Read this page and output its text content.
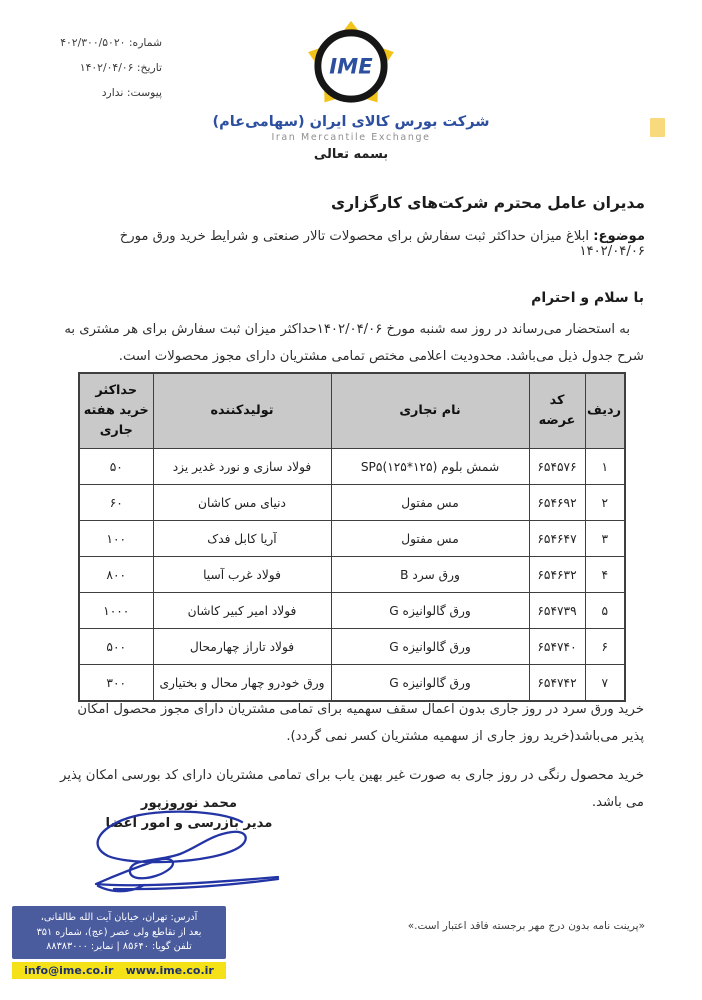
شماره: ۴۰۲/۳۰۰/۵۰۲۰
تاریخ: ۱۴۰۲/۰۴/۰۶
پیوست: ندارد
IME
شرکت بورس کالای ایران (سهامی‌عام)
Iran Mercantile Exchange
بسمه تعالی
مدیران عامل محترم شرکت‌های کارگزاری
موضوع: ابلاغ میزان حداکثر ثبت سفارش برای محصولات تالار صنعتی و شرایط خرید ورق مورخ ۱۴۰۲/۰۴/۰۶
با سلام و احترام
به استحضار می‌رساند در روز سه شنبه مورخ ۱۴۰۲/۰۴/۰۶حداکثر میزان ثبت سفارش برای هر مشتری به شرح جدول ذیل می‌باشد. محدودیت اعلامی مختص تمامی مشتریان دارای مجوز محصولات است.
ردیف	کد عرضه	نام تجاری	تولیدکننده	حداکثر خرید هفته جاری
۱	۶۵۴۵۷۶	شمش بلوم (۱۲۵*۱۲۵)SP۵	فولاد سازی و نورد غدیر یزد	۵۰
۲	۶۵۴۶۹۲	مس مفتول	دنیای مس کاشان	۶۰
۳	۶۵۴۶۴۷	مس مفتول	آریا کابل فدک	۱۰۰
۴	۶۵۴۶۳۲	ورق سرد B	فولاد غرب آسیا	۸۰۰
۵	۶۵۴۷۳۹	ورق گالوانیزه G	فولاد امیر کبیر کاشان	۱۰۰۰
۶	۶۵۴۷۴۰	ورق گالوانیزه G	فولاد تاراز چهارمحال	۵۰۰
۷	۶۵۴۷۴۲	ورق گالوانیزه G	ورق خودرو چهار محال و بختیاری	۳۰۰
خرید ورق سرد در روز جاری بدون اعمال سقف سهمیه برای تمامی مشتریان دارای مجوز محصول امکان پذیر می‌باشد(خرید روز جاری از سهمیه مشتریان کسر نمی گردد).
خرید محصول رنگی در روز جاری به صورت غیر بهین یاب برای تمامی مشتریان دارای کد بورسی امکان پذیر می باشد.
محمد نوروزپور
مدیر بازرسی و امور اعضا
آدرس: تهران، خیابان آیت الله طالقانی،
بعد از تقاطع ولی عصر (عج)، شماره ۳۵۱
تلفن گویا: ۸۵۶۴۰ | نمابر: ۸۸۳۸۳۰۰۰
info@ime.co.ir www.ime.co.ir
«پرینت نامه بدون درج مهر برجسته فاقد اعتبار است.»
